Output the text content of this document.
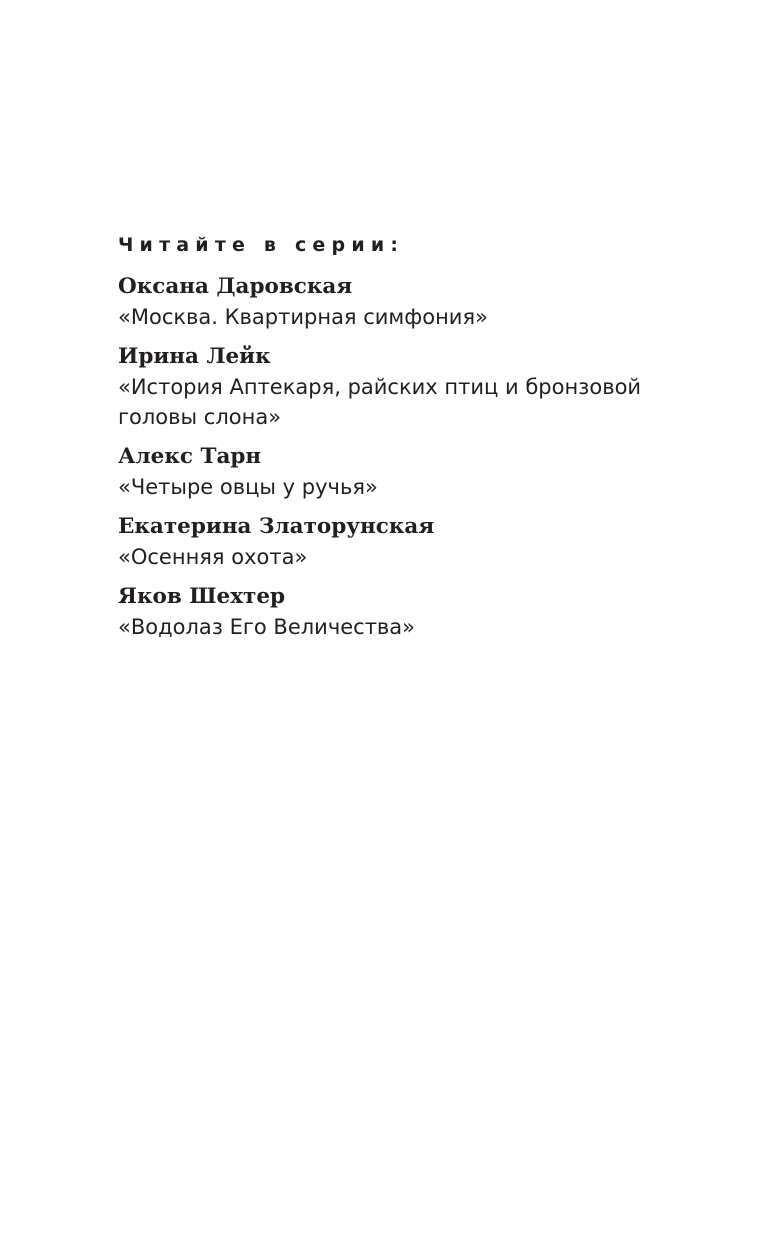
Читайте в серии:
Оксана Даровская
«Москва. Квартирная симфония»
Ирина Лейк
«История Аптекаря, райских птиц и бронзовой головы слона»
Алекс Тарн
«Четыре овцы у ручья»
Екатерина Златорунская
«Осенняя охота»
Яков Шехтер
«Водолаз Его Величества»
